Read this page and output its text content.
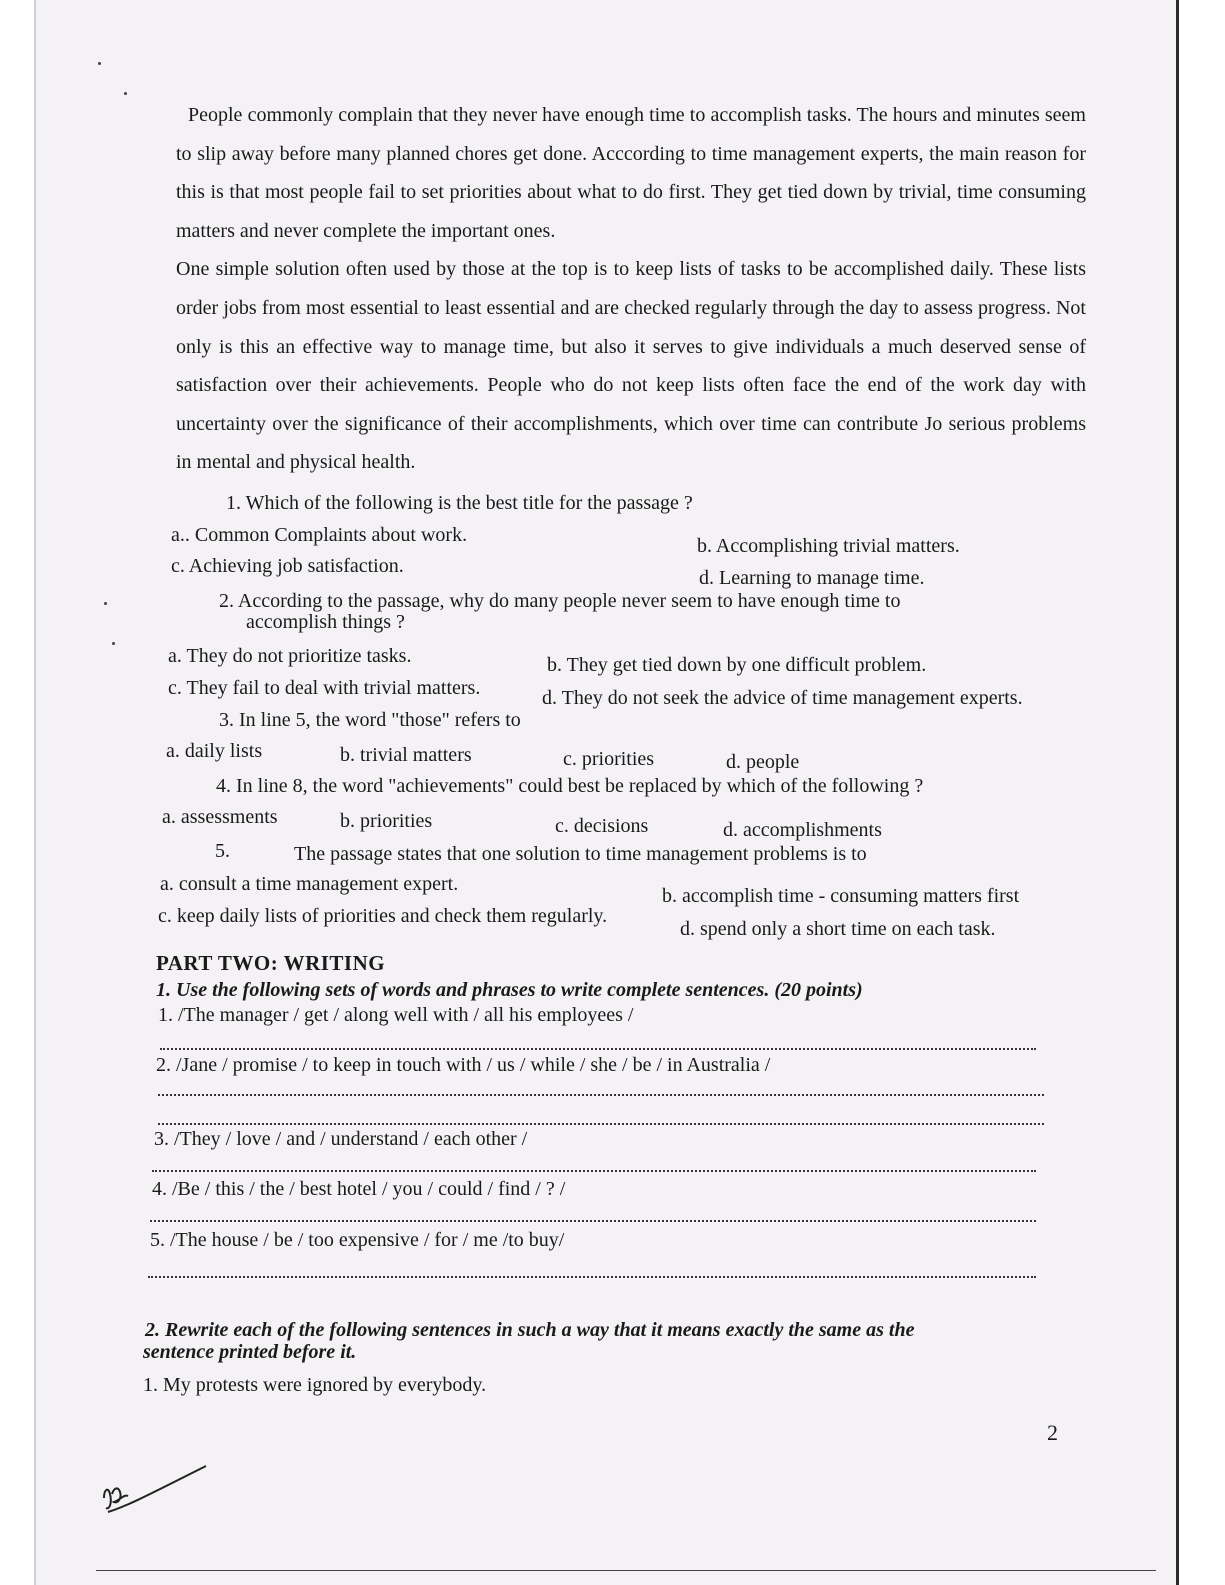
People commonly complain that they never have enough time to accomplish tasks. The hours and minutes seem to slip away before many planned chores get done. Acccording to time management experts, the main reason for this is that most people fail to set priorities about what to do first. They get tied down by trivial, time consuming matters and never complete the important ones.

One simple solution often used by those at the top is to keep lists of tasks to be accomplished daily. These lists order jobs from most essential to least essential and are checked regularly through the day to assess progress. Not only is this an effective way to manage time, but also it serves to give individuals a much deserved sense of satisfaction over their achievements. People who do not keep lists often face the end of the work day with uncertainty over the significance of their accomplishments, which over time can contribute Jo serious problems in mental and physical health.

1. Which of the following is the best title for the passage ?
a.. Common Complaints about work.	b. Accomplishing trivial matters.
c. Achieving job satisfaction.
d. Learning to manage time.
2. According to the passage, why do many people never seem to have enough time to
accomplish things ?
a. They do not prioritize tasks.	b. They get tied down by one difficult problem.
c. They fail to deal with trivial matters.	d. They do not seek the advice of time management experts.
3. In line 5, the word "those" refers to
a. daily lists	b. trivial matters	c. priorities	d. people
4. In line 8, the word "achievements" could best be replaced by which of the following ?
a. assessments	b. priorities	c. decisions	d. accomplishments
5.	The passage states that one solution to time management problems is to
a. consult a time management expert.
b. accomplish time - consuming matters first
c. keep daily lists of priorities and check them regularly.
d. spend only a short time on each task.
PART TWO: WRITING
1. Use the following sets of words and phrases to write complete sentences. (20 points)
1. /The manager / get / along well with / all his employees /
2. /Jane / promise / to keep in touch with / us / while / she / be / in Australia /
3. /They / love / and / understand / each other /
4. /Be / this / the / best hotel / you / could / find / ? /
5. /The house / be / too expensive / for / me /to buy/
2. Rewrite each of the following sentences in such a way that it means exactly the same as the
sentence printed before it.
1. My protests were ignored by everybody.
2
